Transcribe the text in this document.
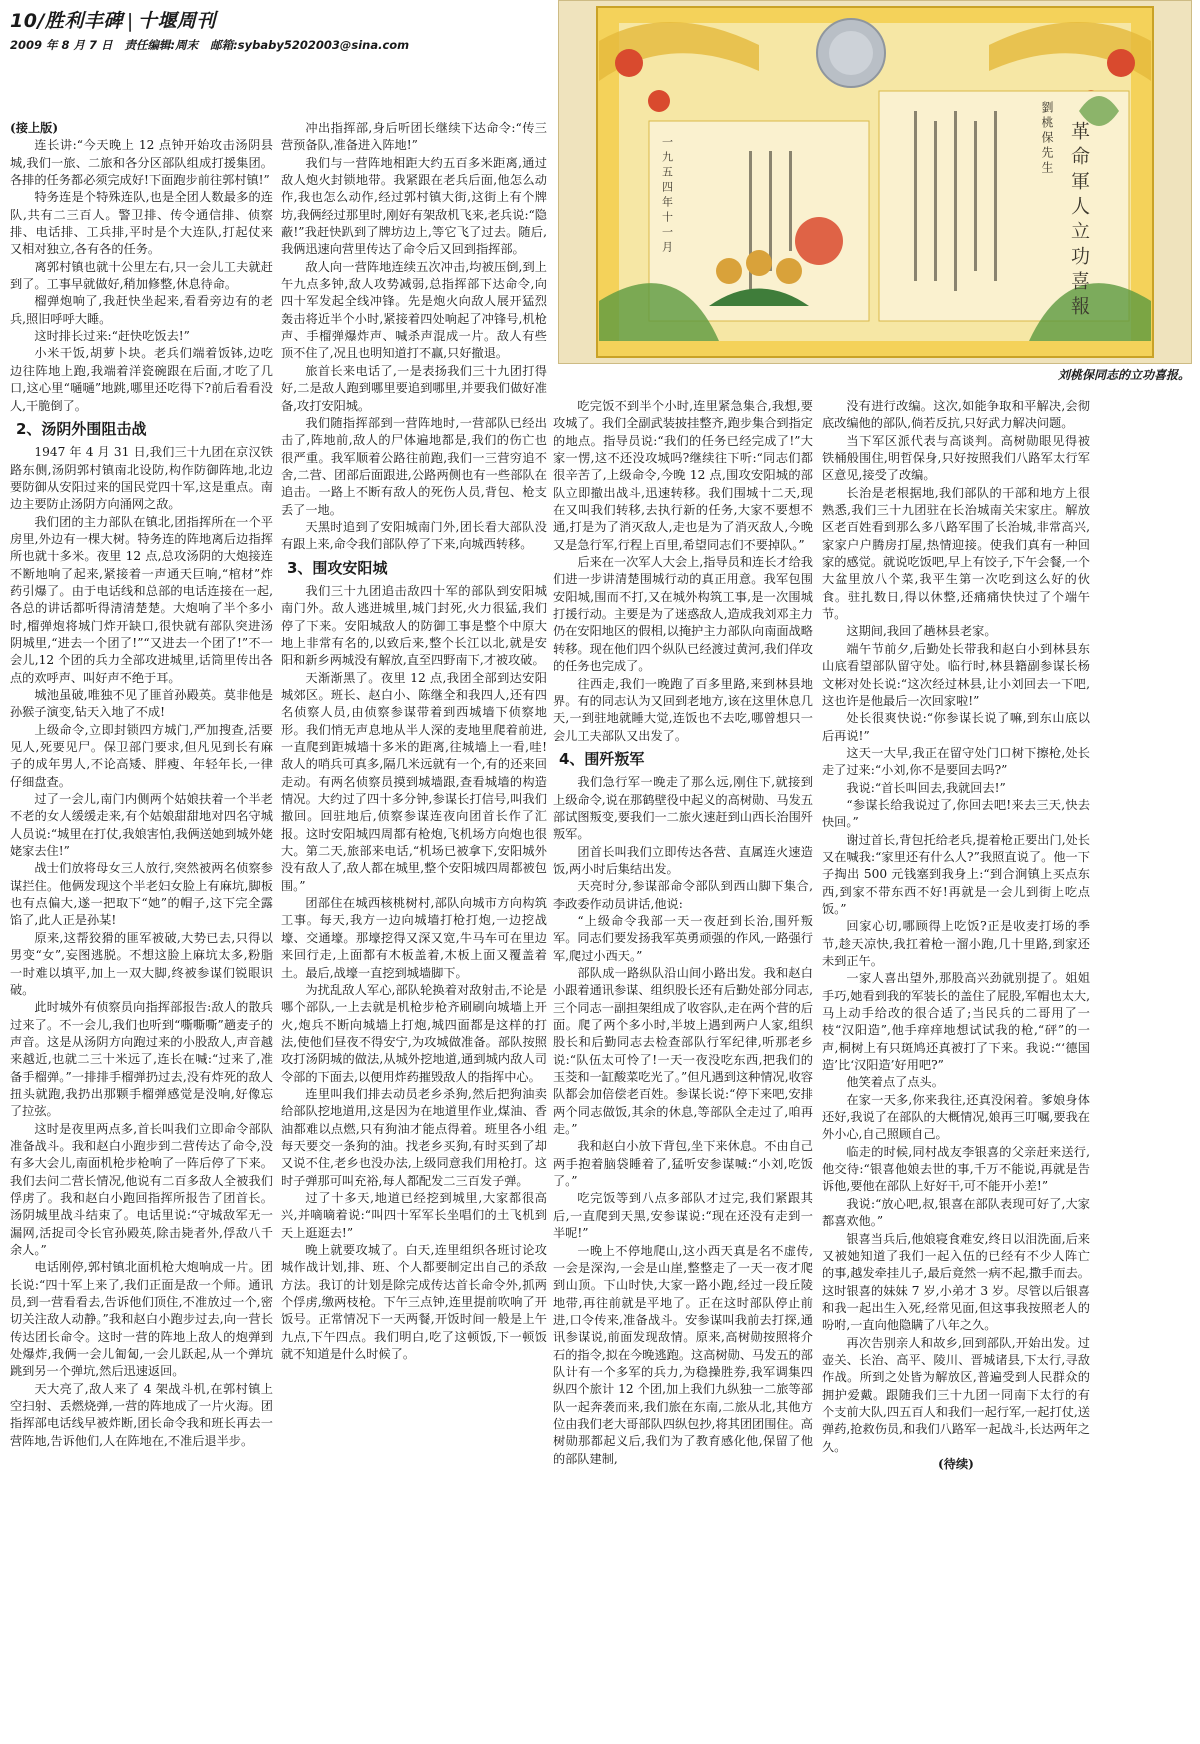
10/胜利丰碑 | 十堰周刊
2009 年 8 月 7 日 责任编辑:周末 邮箱:sybaby5202003@sina.com
革命軍人立功喜報
劉桃保先生
一九五四年十一月
刘桃保同志的立功喜报。

(接上版)

连长讲:“今天晚上 12 点钟开始攻击汤阴县城,我们一旅、二旅和各分区部队组成打援集团。各排的任务都必须完成好!下面跑步前往郭村镇!”

特务连是个特殊连队,也是全团人数最多的连队,共有二三百人。警卫排、传令通信排、侦察排、电话排、工兵排,平时是个大连队,打起仗来又相对独立,各有各的任务。

离郭村镇也就十公里左右,只一会儿工夫就赶到了。工事早就做好,稍加修整,休息待命。

榴弹炮响了,我赶快坐起来,看看旁边有的老兵,照旧呼呼大睡。

这时排长过来:“赶快吃饭去!”

小米干饭,胡萝卜块。老兵们端着饭钵,边吃边往阵地上跑,我端着洋瓷碗跟在后面,才吃了几口,这心里“嗵嗵”地跳,哪里还吃得下?前后看看没人,干脆倒了。

2、汤阴外围阻击战

1947 年 4 月 31 日,我们三十九团在京汉铁路东侧,汤阴郭村镇南北设防,构作防御阵地,北边要防御从安阳过来的国民党四十军,这是重点。南边主要防止汤阴方向涌网之敌。

我们团的主力部队在镇北,团指挥所在一个平房里,外边有一棵大树。特务连的阵地离后边指挥所也就十多米。夜里 12 点,总攻汤阴的大炮接连不断地响了起来,紧接着一声通天巨响,“棺材”炸药引爆了。由于电话线和总部的电话连接在一起,各总的讲话都听得清清楚楚。大炮响了半个多小时,榴弹炮将城门炸开缺口,很快就有部队突进汤阴城里,“进去一个团了!”“又进去一个团了!”不一会儿,12 个团的兵力全部攻进城里,话筒里传出各点的欢呼声、叫好声不绝于耳。

城池虽破,唯独不见了匪首孙殿英。莫非他是孙猴子演变,钻天入地了不成!

上级命令,立即封锁四方城门,严加搜查,活要见人,死要见尸。保卫部门要求,但凡见到长有麻子的成年男人,不论高矮、胖瘦、年轻年长,一律仔细盘查。

过了一会儿,南门内侧两个姑娘扶着一个半老不老的女人缓缓走来,有个姑娘甜甜地对四名守城人员说:“城里在打仗,我娘害怕,我俩送她到城外姥姥家去住!”

战士们放将母女三人放行,突然被两名侦察参谋拦住。他俩发现这个半老妇女脸上有麻坑,脚板也有点偏大,遂一把取下“她”的帽子,这下完全露馅了,此人正是孙某!

原来,这帮狡猾的匪军被破,大势已去,只得以男变“女”,妄图逃脱。不想这脸上麻坑太多,粉脂一时难以填平,加上一双大脚,终被参谋们锐眼识破。

此时城外有侦察员向指挥部报告:敌人的散兵过来了。不一会儿,我们也听到“嘶嘶嘶”趟麦子的声音。这是从汤阴方向跑过来的小股敌人,声音越来越近,也就二三十米远了,连长在喊:“过来了,准备手榴弹。”一排排手榴弹扔过去,没有炸死的敌人扭头就跑,我扔出那颗手榴弹感觉是没响,好像忘了拉弦。

这时是夜里两点多,首长叫我们立即命令部队准备战斗。我和赵白小跑步到二营传达了命令,没有多大会儿,南面机枪步枪响了一阵后停了下来。我们去问二营长情况,他说有二百多敌人全被我们俘虏了。我和赵白小跑回指挥所报告了团首长。汤阴城里战斗结束了。电话里说:“守城敌军无一漏网,活捉司令长官孙殿英,除击毙者外,俘敌八千余人。”

电话刚停,郭村镇北面机枪大炮响成一片。团长说:“四十军上来了,我们正面是敌一个师。通讯员,到一营看看去,告诉他们顶住,不准放过一个,密切关注敌人动静。”我和赵白小跑步过去,向一营长传达团长命令。这时一营的阵地上敌人的炮弹到处爆炸,我俩一会儿匍匐,一会儿跃起,从一个弹坑跳到另一个弹坑,然后迅速返回。

天大亮了,敌人来了 4 架战斗机,在郭村镇上空扫射、丢燃烧弹,一营的阵地成了一片火海。团指挥部电话线早被炸断,团长命令我和班长再去一营阵地,告诉他们,人在阵地在,不准后退半步。

冲出指挥部,身后听团长继续下达命令:“传三营预备队,准备进入阵地!”

我们与一营阵地相距大约五百多米距离,通过敌人炮火封锁地带。我紧跟在老兵后面,他怎么动作,我也怎么动作,经过郭村镇大街,这街上有个牌坊,我俩经过那里时,刚好有架敌机飞来,老兵说:“隐蔽!”我赶快趴到了牌坊边上,等它飞了过去。随后,我俩迅速向营里传达了命令后又回到指挥部。

敌人向一营阵地连续五次冲击,均被压倒,到上午九点多钟,敌人攻势减弱,总指挥部下达命令,向四十军发起全线冲锋。先是炮火向敌人展开猛烈轰击将近半个小时,紧接着四处响起了冲锋号,机枪声、手榴弹爆炸声、喊杀声混成一片。敌人有些顶不住了,况且也明知道打不赢,只好撤退。

旅首长来电话了,一是表扬我们三十九团打得好,二是敌人跑到哪里要追到哪里,并要我们做好准备,攻打安阳城。

我们随指挥部到一营阵地时,一营部队已经出击了,阵地前,敌人的尸体遍地都是,我们的伤亡也很严重。我军顺着公路往前跑,我们一三营穷追不舍,二营、团部后面跟进,公路两侧也有一些部队在追击。一路上不断有敌人的死伤人员,背包、枪支丢了一地。

天黑时追到了安阳城南门外,团长看大部队没有跟上来,命令我们部队停了下来,向城西转移。

3、围攻安阳城

我们三十九团追击敌四十军的部队到安阳城南门外。敌人逃进城里,城门封死,火力很猛,我们停了下来。安阳城敌人的防御工事是整个中原大地上非常有名的,以致后来,整个长江以北,就是安阳和新乡两城没有解放,直至四野南下,才被攻破。

天渐渐黑了。夜里 12 点,我团全部到达安阳城郊区。班长、赵白小、陈继全和我四人,还有四名侦察人员,由侦察参谋带着到西城墙下侦察地形。我们悄无声息地从半人深的麦地里爬着前进,一直爬到距城墙十多米的距离,往城墙上一看,哇!敌人的哨兵可真多,隔几米远就有一个,有的还来回走动。有两名侦察员摸到城墙跟,查看城墙的构造情况。大约过了四十多分钟,参谋长打信号,叫我们撤回。回驻地后,侦察参谋连夜向团首长作了汇报。这时安阳城四周都有枪炮,飞机场方向炮也很大。第二天,旅部来电话,“机场已被拿下,安阳城外没有敌人了,敌人都在城里,整个安阳城四周都被包围。”

团部住在城西核桃树村,部队向城市方向构筑工事。每天,我方一边向城墙打枪打炮,一边挖战壕、交通壕。那壕挖得又深又宽,牛马车可在里边来回行走,上面都有木板盖着,木板上面又覆盖着土。最后,战壕一直挖到城墙脚下。

为扰乱敌人军心,部队轮换着对敌射击,不论是哪个部队,一上去就是机枪步枪齐刷刷向城墙上开火,炮兵不断向城墙上打炮,城四面都是这样的打法,使他们昼夜不得安宁,为攻城做准备。部队按照攻打汤阴城的做法,从城外挖地道,通到城内敌人司令部的下面去,以便用炸药摧毁敌人的指挥中心。

连里叫我们排去动员老乡杀狗,然后把狗油卖给部队挖地道用,这是因为在地道里作业,煤油、香油都难以点燃,只有狗油才能点得着。班里各小组每天要交一条狗的油。找老乡买狗,有时买到了却又说不住,老乡也没办法,上级同意我们用枪打。这时子弹那可叫充裕,每人都配发二三百发子弹。

过了十多天,地道已经挖到城里,大家都很高兴,并嘀嘀着说:“叫四十军军长坐唱们的土飞机到天上逛逛去!”

晚上就要攻城了。白天,连里组织各班讨论攻城作战计划,排、班、个人都要制定出自己的杀敌方法。我订的计划是除完成传达首长命令外,抓两个俘虏,缴两枝枪。下午三点钟,连里提前吹响了开饭号。正常情况下一天两餐,开饭时间一般是上午九点,下午四点。我们明白,吃了这顿饭,下一顿饭就不知道是什么时候了。

吃完饭不到半个小时,连里紧急集合,我想,要攻城了。我们全副武装披挂整齐,跑步集合到指定的地点。指导员说:“我们的任务已经完成了!”大家一愣,这不还没攻城吗?继续往下听:“同志们都很辛苦了,上级命令,今晚 12 点,围攻安阳城的部队立即撤出战斗,迅速转移。我们围城十二天,现在又叫我们转移,去执行新的任务,大家不要想不通,打是为了消灭敌人,走也是为了消灭敌人,今晚又是急行军,行程上百里,希望同志们不要掉队。”

后来在一次军人大会上,指导员和连长才给我们进一步讲清楚围城行动的真正用意。我军包围安阳城,围而不打,又在城外构筑工事,是一次围城打援行动。主要是为了迷惑敌人,造成我刘邓主力仍在安阳地区的假相,以掩护主力部队向南面战略转移。现在他们四个纵队已经渡过黄河,我们佯攻的任务也完成了。

往西走,我们一晚跑了百多里路,来到林县地界。有的同志认为又回到老地方,该在这里休息几天,一到驻地就睡大觉,连饭也不去吃,哪曾想只一会儿工夫部队又出发了。

4、围歼叛军

我们急行军一晚走了那么远,刚住下,就接到上级命令,说在那鹤壁役中起义的高树勋、马发五部试图叛变,要我们一二旅火速赶到山西长治围歼叛军。

团首长叫我们立即传达各营、直属连火速造饭,两小时后集结出发。

天亮时分,参谋部命令部队到西山脚下集合,李政委作动员讲话,他说:

“上级命令我部一天一夜赶到长治,围歼叛军。同志们要发扬我军英勇顽强的作风,一路强行军,爬过小西天。”

部队成一路纵队沿山间小路出发。我和赵白小跟着通讯参谋、组织股长还有后勤处部分同志,三个同志一副担架组成了收容队,走在两个营的后面。爬了两个多小时,半坡上遇到两户人家,组织股长和后勤同志去检查部队行军纪律,听那老乡说:“队伍太可怜了!一天一夜没吃东西,把我们的玉茭和一缸酸菜吃光了。”但凡遇到这种情况,收容队都会加倍偿老百姓。参谋长说:“停下来吧,安排两个同志做饭,其余的休息,等部队全走过了,咱再走。”

我和赵白小放下背包,坐下来休息。不由自己两手抱着脑袋睡着了,猛听安参谋喊:“小刘,吃饭了。”

吃完饭等到八点多部队才过完,我们紧跟其后,一直爬到天黑,安参谋说:“现在还没有走到一半呢!”

一晚上不停地爬山,这小西天真是名不虚传,一会是深沟,一会是山崖,整整走了一天一夜才爬到山顶。下山时快,大家一路小跑,经过一段丘陵地带,再往前就是平地了。正在这时部队停止前进,口令传来,准备战斗。安参谋叫我前去打探,通讯参谋说,前面发现敌情。原来,高树勋按照将介石的指令,拟在今晚逃跑。这高树勋、马发五的部队计有一个多军的兵力,为稳操胜券,我军调集四纵四个旅计 12 个团,加上我们九纵独一二旅等部队一起奔袭而来,我们旅在东南,二旅从北,其他方位由我们老大哥部队四纵包抄,将其团团围住。高树勋那都起义后,我们为了教育感化他,保留了他的部队建制,

没有进行改编。这次,如能争取和平解决,会彻底改编他的部队,倘若反抗,只好武力解决问题。

当下军区派代表与高谈判。高树勋眼见得被铁桶般围住,明哲保身,只好按照我们八路军太行军区意见,接受了改编。

长治是老根据地,我们部队的干部和地方上很熟悉,我们三十九团驻在长治城南关宋家庄。解放区老百姓看到那么多八路军围了长治城,非常高兴,家家户户腾房打屋,热情迎接。使我们真有一种回家的感觉。就说吃饭吧,早上有饺子,下午会餐,一个大盆里放八个菜,我平生第一次吃到这么好的伙食。驻扎数日,得以休整,还痛痛快快过了个端午节。

这期间,我回了趟林县老家。

端午节前夕,后勤处长带我和赵白小到林县东山底看望部队留守处。临行时,林县籍副参谋长杨文彬对处长说:“这次经过林县,让小刘回去一下吧,这也许是他最后一次回家啦!”

处长很爽快说:“你参谋长说了嘛,到东山底以后再说!”

这天一大早,我正在留守处门口树下擦枪,处长走了过来:“小刘,你不是要回去吗?”

我说:“首长叫回去,我就回去!”

“参谋长给我说过了,你回去吧!来去三天,快去快回。”

谢过首长,背包托给老兵,提着枪正要出门,处长又在喊我:“家里还有什么人?”我照直说了。他一下子掏出 500 元钱塞到我身上:“到合涧镇上买点东西,到家不带东西不好!再就是一会儿到街上吃点饭。”

回家心切,哪顾得上吃饭?正是收麦打场的季节,趁天凉快,我扛着枪一溜小跑,几十里路,到家还未到正午。

一家人喜出望外,那股高兴劲就别提了。姐姐手巧,她看到我的军装长的盖住了屁股,军帽也太大,马上动手给改的很合适了;当民兵的二哥用了一枝“汉阳造”,他手痒痒地想试试我的枪,“砰”的一声,桐树上有只斑鸠还真被打了下来。我说:“‘德国造’比‘汉阳造’好用吧?”

他笑着点了点头。

在家一天多,你来我往,还真没闲着。爹娘身体还好,我说了在部队的大概情况,娘再三叮嘱,要我在外小心,自己照顾自己。

临走的时候,同村战友李银喜的父亲赶来送行,他交待:“银喜他娘去世的事,千万不能说,再就是告诉他,要他在部队上好好干,可不能开小差!”

我说:“放心吧,叔,银喜在部队表现可好了,大家都喜欢他。”

银喜当兵后,他娘寝食难安,终日以泪洗面,后来又被她知道了我们一起入伍的已经有不少人阵亡的事,越发牵挂儿子,最后竟然一病不起,撒手而去。这时银喜的妹妹 7 岁,小弟才 3 岁。尽管以后银喜和我一起出生入死,经常见面,但这事我按照老人的吩咐,一直向他隐瞒了八年之久。

再次告别亲人和故乡,回到部队,开始出发。过壶关、长治、高平、陵川、晋城诸县,下太行,寻敌作战。所到之处皆为解放区,普遍受到人民群众的拥护爱戴。跟随我们三十九团一同南下太行的有个支前大队,四五百人和我们一起行军,一起打仗,送弹药,抢救伤员,和我们八路军一起战斗,长达两年之久。

(待续)
